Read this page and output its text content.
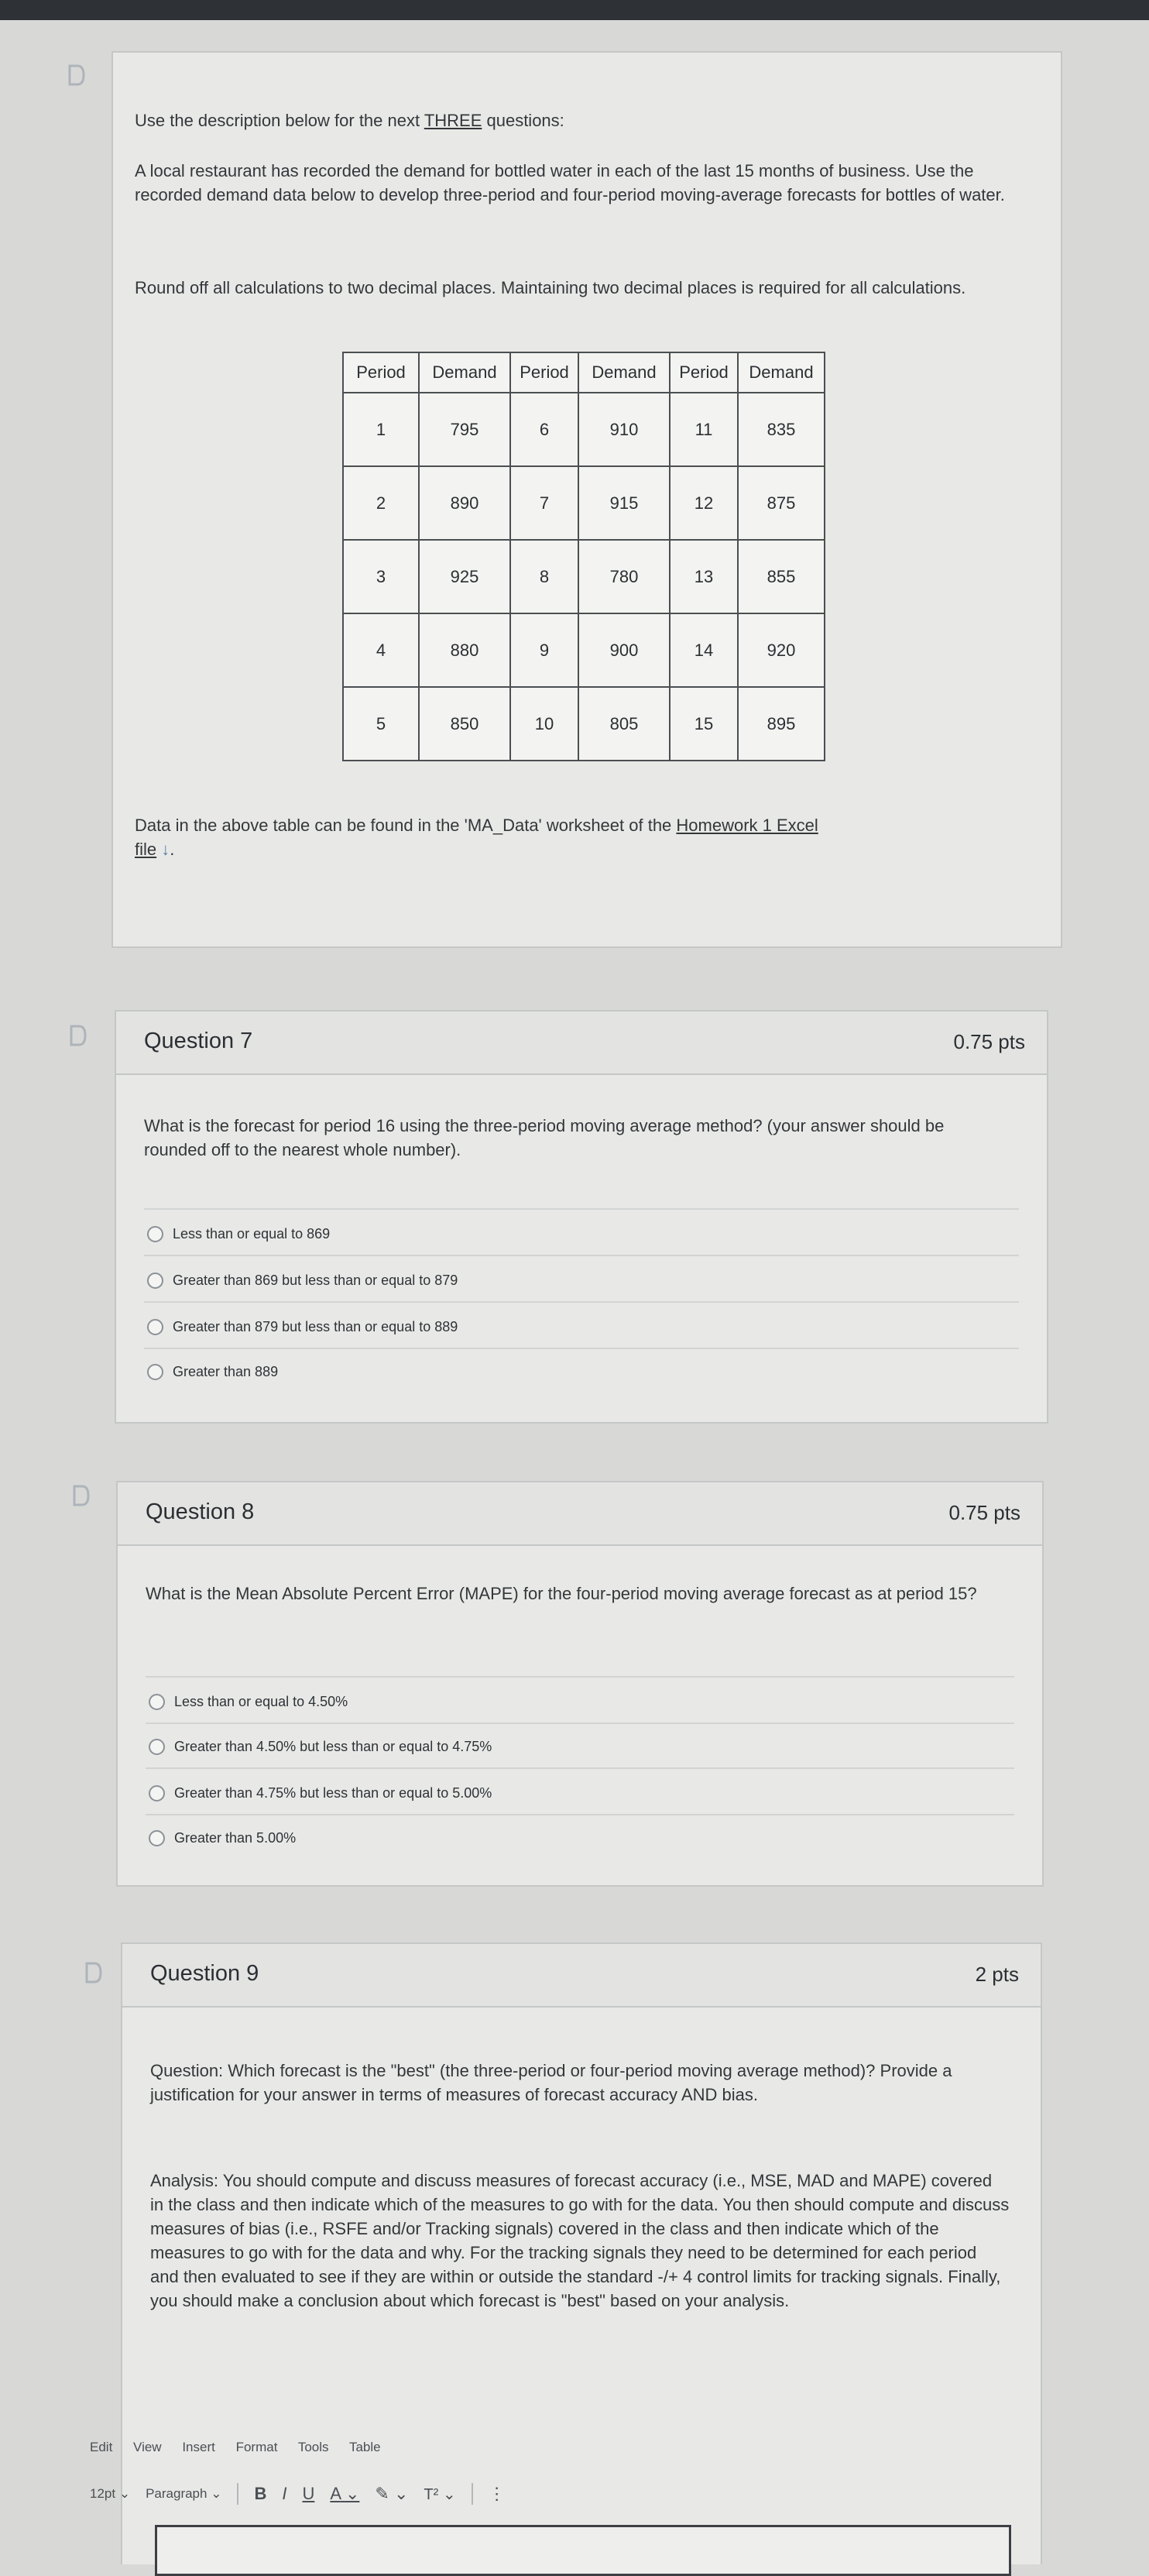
Use the description below for the next THREE questions:
A local restaurant has recorded the demand for bottled water in each of the last 15 months of business. Use the recorded demand data below to develop three-period and four-period moving-average forecasts for bottles of water.
Round off all calculations to two decimal places. Maintaining two decimal places is required for all calculations.
Period	Demand	Period	Demand	Period	Demand
1	795	6	910	11	835
2	890	7	915	12	875
3	925	8	780	13	855
4	880	9	900	14	920
5	850	10	805	15	895
Data in the above table can be found in the 'MA_Data' worksheet of the Homework 1 Excel
file ↓.
Question 7	0.75 pts
What is the forecast for period 16 using the three-period moving average method? (your answer should be rounded off to the nearest whole number).
Less than or equal to 869
Greater than 869 but less than or equal to 879
Greater than 879 but less than or equal to 889
Greater than 889
Question 8	0.75 pts
What is the Mean Absolute Percent Error (MAPE) for the four-period moving average forecast as at period 15?
Less than or equal to 4.50%
Greater than 4.50% but less than or equal to 4.75%
Greater than 4.75% but less than or equal to 5.00%
Greater than 5.00%
Question 9	2 pts
Question: Which forecast is the "best" (the three-period or four-period moving average method)? Provide a justification for your answer in terms of measures of forecast accuracy AND bias.
Analysis: You should compute and discuss measures of forecast accuracy (i.e., MSE, MAD and MAPE) covered in the class and then indicate which of the measures to go with for the data. You then should compute and discuss measures of bias (i.e., RSFE and/or Tracking signals) covered in the class and then indicate which of the measures to go with for the data and why. For the tracking signals they need to be determined for each period and then evaluated to see if they are within or outside the standard -/+ 4 control limits for tracking signals. Finally, you should make a conclusion about which forecast is "best" based on your analysis.
Edit View Insert Format Tools Table
12pt ⌄ Paragraph ⌄ B I U A ⌄ ✎ ⌄ T² ⌄ ⋮
